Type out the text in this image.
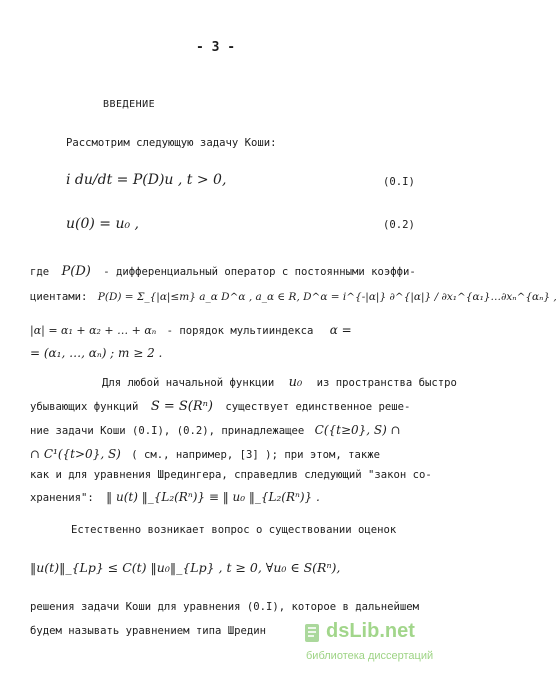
- 3 -
ВВЕДЕНИЕ
Рассмотрим следующую задачу Коши:
i du/dt = P(D)u , t > 0,	(0.I)
u(0) = u₀ ,	(0.2)
где P(D) - дифференциальный оператор с постоянными коэффи-
циентами: P(D) = Σ_{|α|≤m} a_α D^α , a_α ∈ R, D^α = i^{-|α|} ∂^{|α|} / ∂x₁^{α₁}…∂xₙ^{αₙ} ,
|α| = α₁ + α₂ + … + αₙ - порядок мультииндекса α =
= (α₁, …, αₙ) ; m ≥ 2 .
Для любой начальной функции u₀ из пространства быстро
убывающих функций S = S(Rⁿ) существует единственное реше-
ние задачи Коши (0.I), (0.2), принадлежащее C({t≥0}, S) ∩
∩ C¹({t>0}, S) ( см., например, [3] ); при этом, также
как и для уравнения Шредингера, справедлив следующий "закон со-
хранения": ‖ u(t) ‖_{L₂(Rⁿ)} ≡ ‖ u₀ ‖_{L₂(Rⁿ)} .
Естественно возникает вопрос о существовании оценок
‖u(t)‖_{Lp} ≤ C(t) ‖u₀‖_{Lp} , t ≥ 0, ∀u₀ ∈ S(Rⁿ),
решения задачи Коши для уравнения (0.I), которое в дальнейшем
будем называть уравнением типа Шредин	dsLib.net
библиотека диссертаций
